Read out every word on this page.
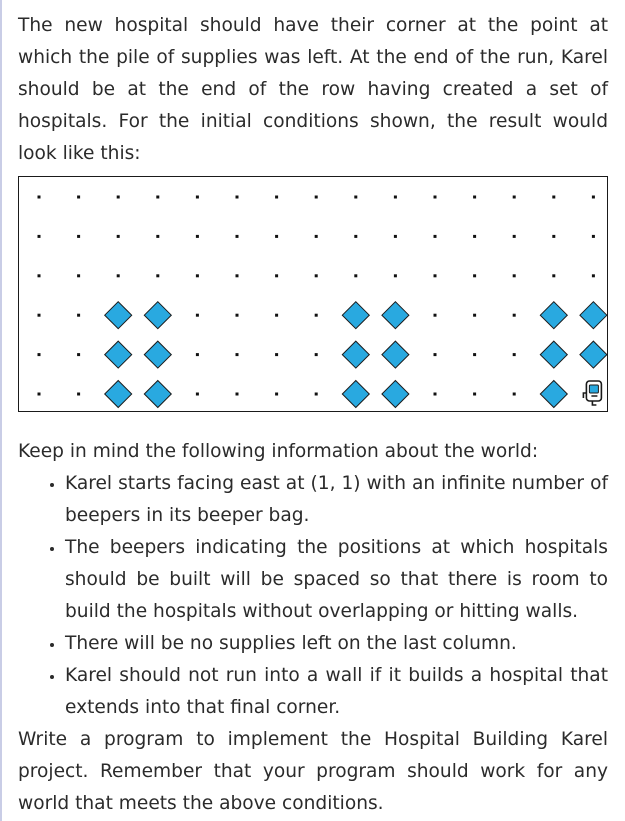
The new hospital should have their corner at the point at which the pile of supplies was left. At the end of the run, Karel should be at the end of the row having created a set of hospitals. For the initial conditions shown, the result would look like this:

Keep in mind the following information about the world:

• Karel starts facing east at (1, 1) with an infinite number of beepers in its beeper bag.
• The beepers indicating the positions at which hospitals should be built will be spaced so that there is room to build the hospitals without overlapping or hitting walls.
• There will be no supplies left on the last column.
• Karel should not run into a wall if it builds a hospital that extends into that final corner.

Write a program to implement the Hospital Building Karel project. Remember that your program should work for any world that meets the above conditions.
